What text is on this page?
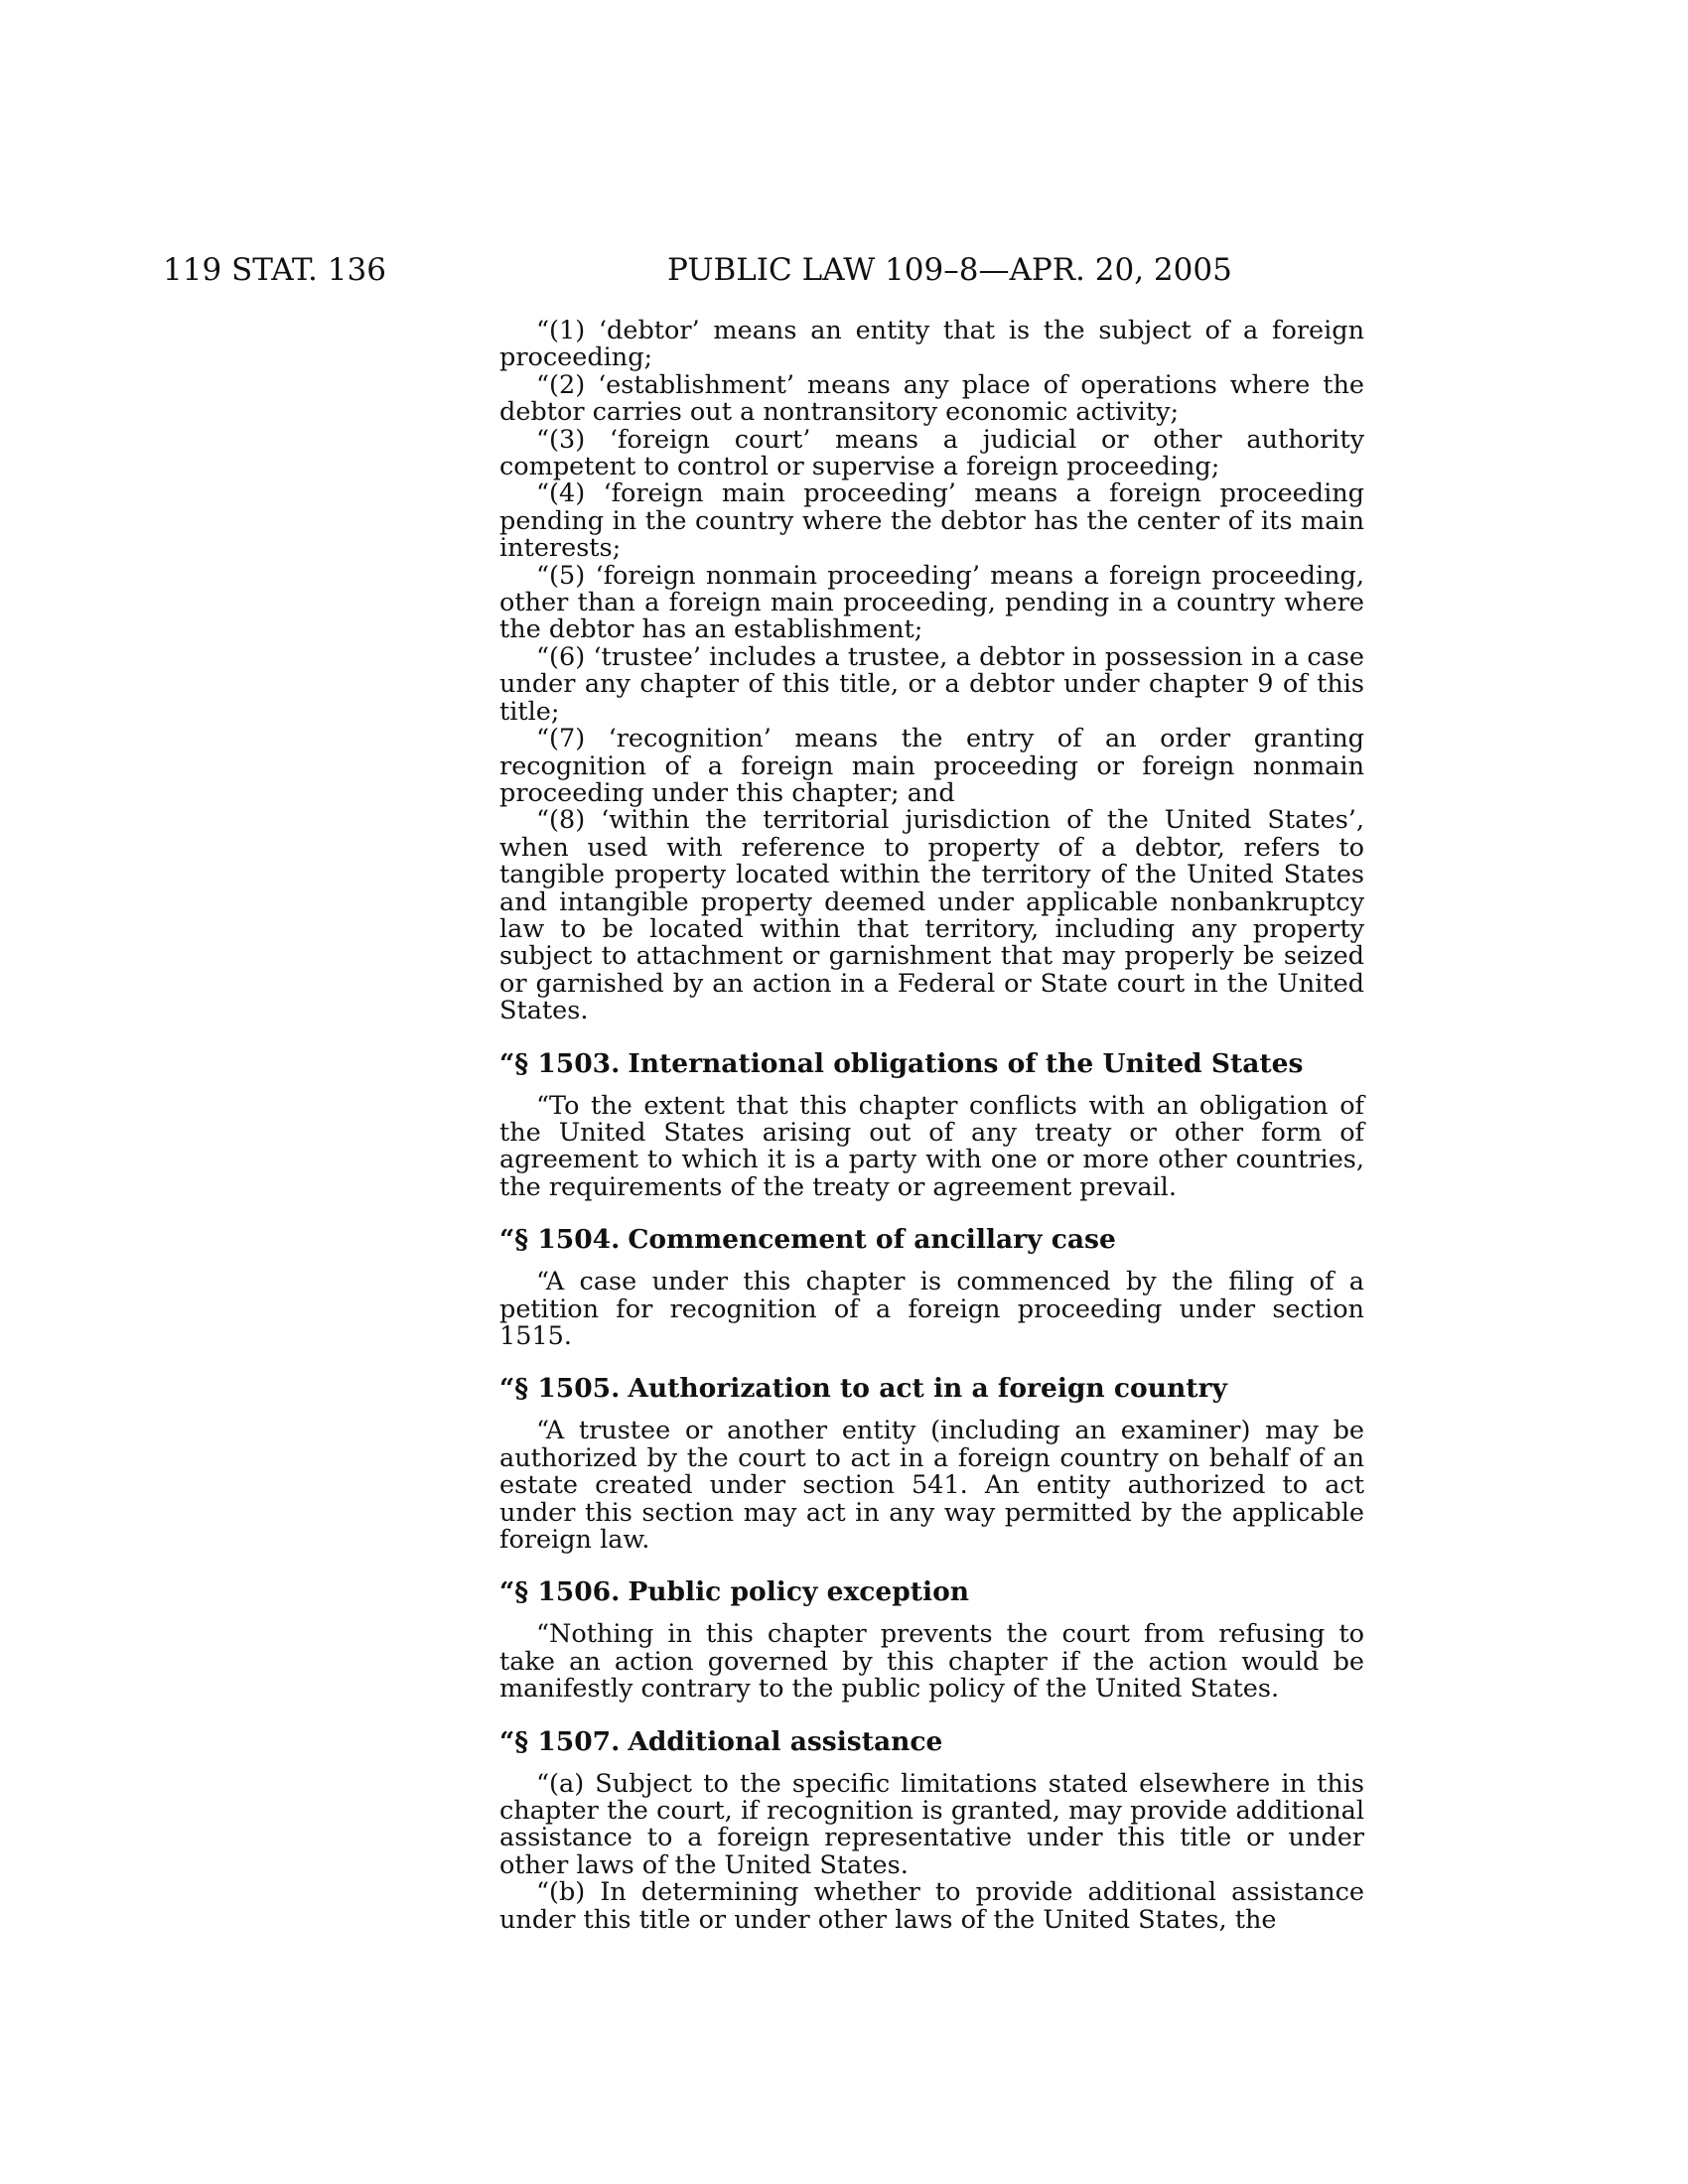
119 STAT. 136	PUBLIC LAW 109–8—APR. 20, 2005

“(1) ‘debtor’ means an entity that is the subject of a foreign proceeding;

“(2) ‘establishment’ means any place of operations where the debtor carries out a nontransitory economic activity;

“(3) ‘foreign court’ means a judicial or other authority competent to control or supervise a foreign proceeding;

“(4) ‘foreign main proceeding’ means a foreign proceeding pending in the country where the debtor has the center of its main interests;

“(5) ‘foreign nonmain proceeding’ means a foreign proceeding, other than a foreign main proceeding, pending in a country where the debtor has an establishment;

“(6) ‘trustee’ includes a trustee, a debtor in possession in a case under any chapter of this title, or a debtor under chapter 9 of this title;

“(7) ‘recognition’ means the entry of an order granting recognition of a foreign main proceeding or foreign nonmain proceeding under this chapter; and

“(8) ‘within the territorial jurisdiction of the United States’, when used with reference to property of a debtor, refers to tangible property located within the territory of the United States and intangible property deemed under applicable nonbankruptcy law to be located within that territory, including any property subject to attachment or garnishment that may properly be seized or garnished by an action in a Federal or State court in the United States.

“§ 1503. International obligations of the United States

“To the extent that this chapter conflicts with an obligation of the United States arising out of any treaty or other form of agreement to which it is a party with one or more other countries, the requirements of the treaty or agreement prevail.

“§ 1504. Commencement of ancillary case

“A case under this chapter is commenced by the filing of a petition for recognition of a foreign proceeding under section 1515.

“§ 1505. Authorization to act in a foreign country

“A trustee or another entity (including an examiner) may be authorized by the court to act in a foreign country on behalf of an estate created under section 541. An entity authorized to act under this section may act in any way permitted by the applicable foreign law.

“§ 1506. Public policy exception

“Nothing in this chapter prevents the court from refusing to take an action governed by this chapter if the action would be manifestly contrary to the public policy of the United States.

“§ 1507. Additional assistance

“(a) Subject to the specific limitations stated elsewhere in this chapter the court, if recognition is granted, may provide additional assistance to a foreign representative under this title or under other laws of the United States.

“(b) In determining whether to provide additional assistance under this title or under other laws of the United States, the
